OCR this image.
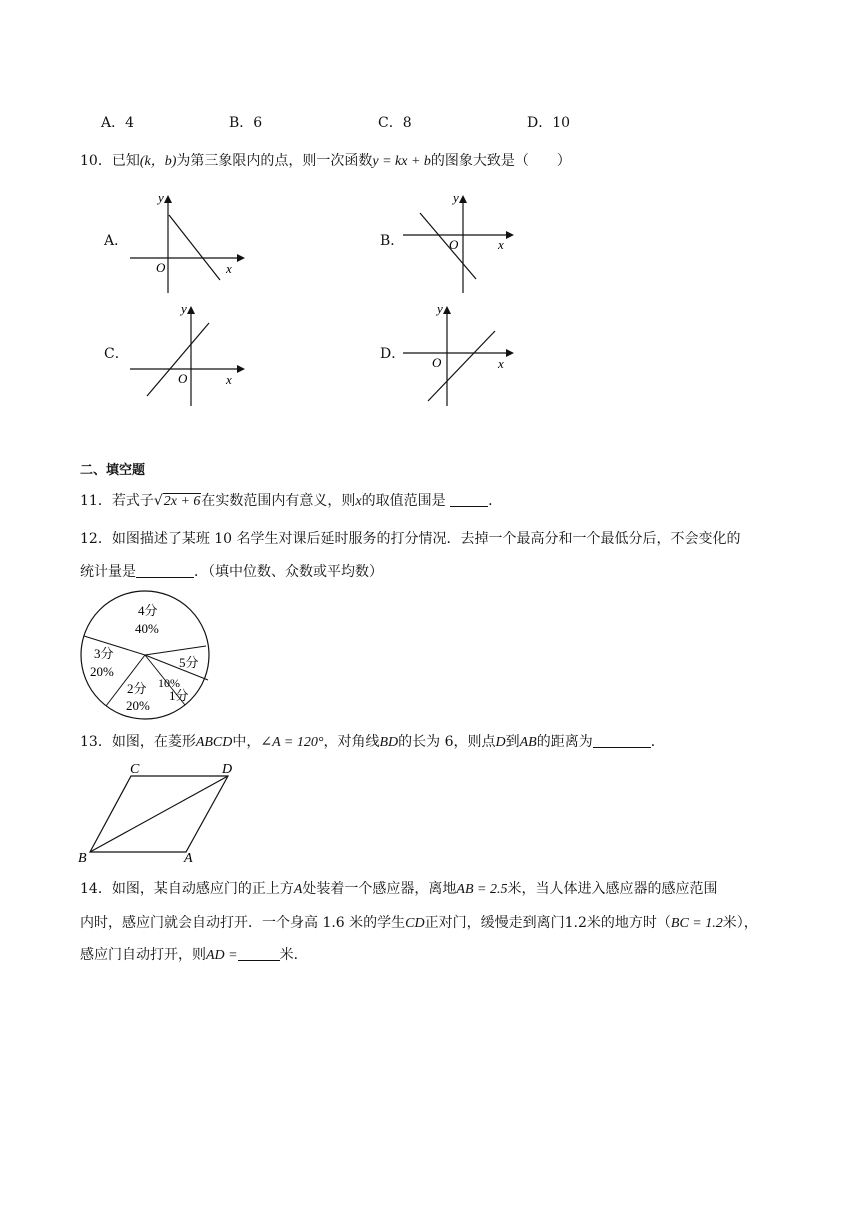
A．4	B．6	C．8	D．10
10．已知(k，b)为第三象限内的点，则一次函数y = kx + b的图象大致是（　　）
A．	B．
C．	D．
x
y
O
x
y
O
x
y
O
x
y
O
二、填空题
11．若式子√2x + 6在实数范围内有意义，则x的取值范围是	．
12．如图描述了某班 10 名学生对课后延时服务的打分情况．去掉一个最高分和一个最低分后，不会变化的
统计量是	．（填中位数、众数或平均数）
4分
40%
5分
10%
1分
2分
20%
3分
20%
13．如图，在菱形ABCD中，∠A = 120°，对角线BD的长为 6，则点D到AB的距离为	．
C	D
B	A
14．如图，某自动感应门的正上方A处装着一个感应器，离地AB = 2.5米，当人体进入感应器的感应范围
内时，感应门就会自动打开．一个身高 1.6 米的学生CD正对门，缓慢走到离门1.2米的地方时（BC = 1.2米），
感应门自动打开，则AD =	米．
